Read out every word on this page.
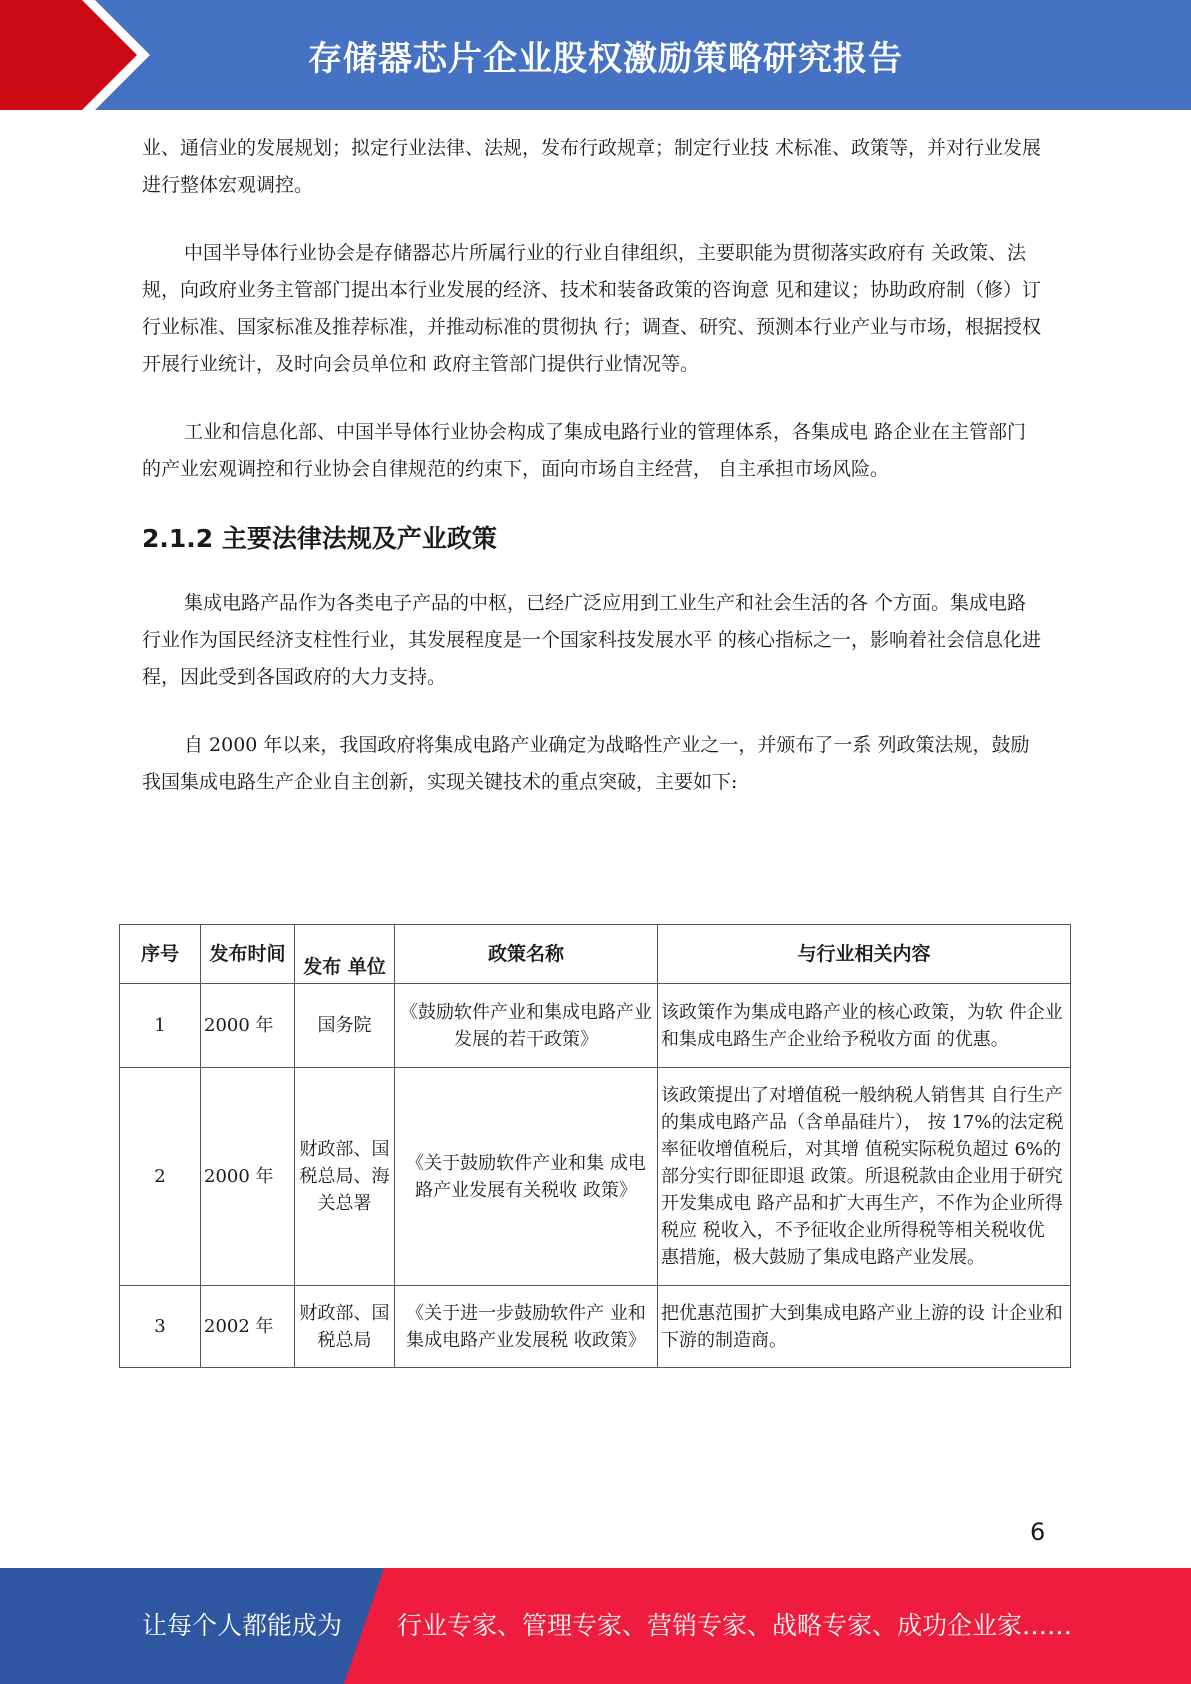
存储器芯片企业股权激励策略研究报告

业、通信业的发展规划；拟定行业法律、法规，发布行政规章；制定行业技 术标准、政策等，并对行业发展进行整体宏观调控。

中国半导体行业协会是存储器芯片所属行业的行业自律组织，主要职能为贯彻落实政府有 关政策、法规，向政府业务主管部门提出本行业发展的经济、技术和装备政策的咨询意 见和建议；协助政府制（修）订行业标准、国家标准及推荐标准，并推动标准的贯彻执 行；调查、研究、预测本行业产业与市场，根据授权开展行业统计，及时向会员单位和 政府主管部门提供行业情况等。

工业和信息化部、中国半导体行业协会构成了集成电路行业的管理体系，各集成电 路企业在主管部门的产业宏观调控和行业协会自律规范的约束下，面向市场自主经营， 自主承担市场风险。

2.1.2 主要法律法规及产业政策

集成电路产品作为各类电子产品的中枢，已经广泛应用到工业生产和社会生活的各 个方面。集成电路行业作为国民经济支柱性行业，其发展程度是一个国家科技发展水平 的核心指标之一，影响着社会信息化进程，因此受到各国政府的大力支持。

自 2000 年以来，我国政府将集成电路产业确定为战略性产业之一，并颁布了一系 列政策法规，鼓励我国集成电路生产企业自主创新，实现关键技术的重点突破，主要如下:

序号	发布时间	发布 单位	政策名称	与行业相关内容
1	2000 年	国务院	《鼓励软件产业和集成电路产业发展的若干政策》	该政策作为集成电路产业的核心政策，为软 件企业和集成电路生产企业给予税收方面 的优惠。
2	2000 年	财政部、国税总局、海关总署	《关于鼓励软件产业和集 成电路产业发展有关税收 政策》	该政策提出了对增值税一般纳税人销售其 自行生产的集成电路产品（含单晶硅片）， 按 17%的法定税率征收增值税后，对其增 值税实际税负超过 6%的部分实行即征即退 政策。所退税款由企业用于研究开发集成电 路产品和扩大再生产，不作为企业所得税应 税收入，不予征收企业所得税等相关税收优 惠措施，极大鼓励了集成电路产业发展。
3	2002 年	财政部、国税总局	《关于进一步鼓励软件产 业和集成电路产业发展税 收政策》	把优惠范围扩大到集成电路产业上游的设 计企业和下游的制造商。
6
让每个人都能成为 行业专家、管理专家、营销专家、战略专家、成功企业家……
